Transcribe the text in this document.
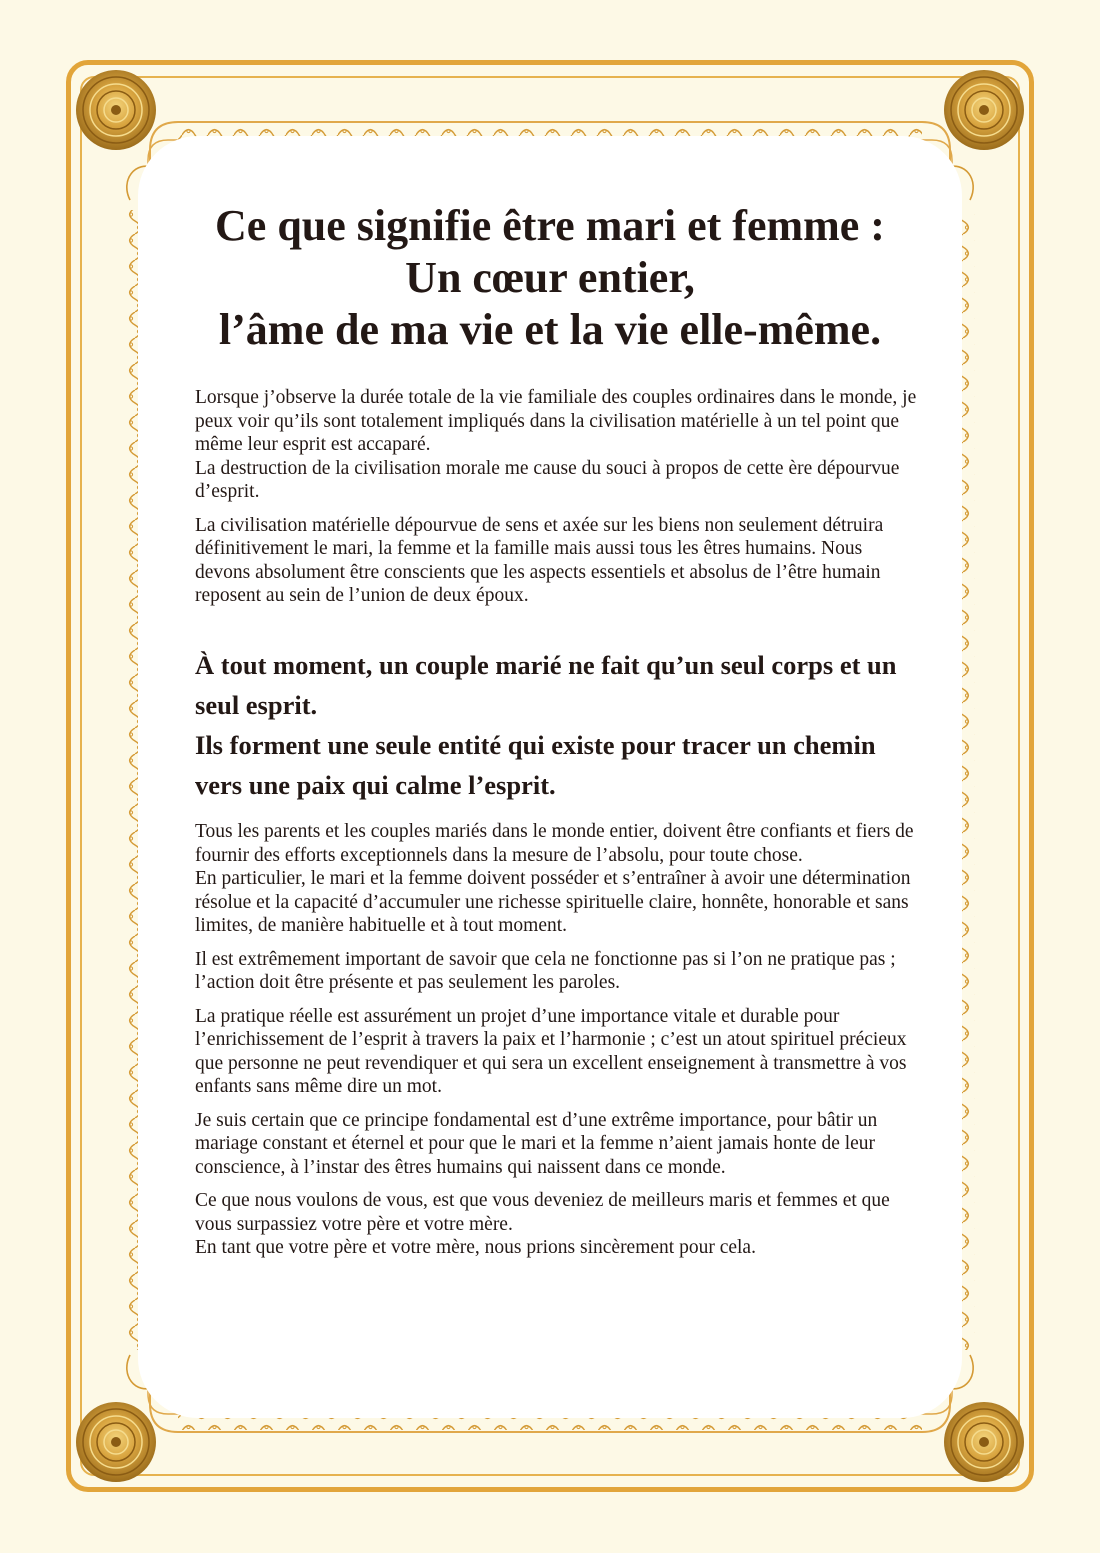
Ce que signifie être mari et femme :
Un cœur entier,
l’âme de ma vie et la vie elle-même.

Lorsque j’observe la durée totale de la vie familiale des couples ordinaires dans le monde, je peux voir qu’ils sont totalement impliqués dans la civilisation matérielle à un tel point que même leur esprit est accaparé.

La destruction de la civilisation morale me cause du souci à propos de cette ère dépourvue d’esprit.

La civilisation matérielle dépourvue de sens et axée sur les biens non seulement détruira définitivement le mari, la femme et la famille mais aussi tous les êtres humains. Nous devons absolument être conscients que les aspects essentiels et absolus de l’être humain reposent au sein de l’union de deux époux.

À tout moment, un couple marié ne fait qu’un seul corps et un seul esprit.

Ils forment une seule entité qui existe pour tracer un chemin vers une paix qui calme l’esprit.

Tous les parents et les couples mariés dans le monde entier, doivent être confiants et fiers de fournir des efforts exceptionnels dans la mesure de l’absolu, pour toute chose.

En particulier, le mari et la femme doivent posséder et s’entraîner à avoir une détermination résolue et la capacité d’accumuler une richesse spirituelle claire, honnête, honorable et sans limites, de manière habituelle et à tout moment.

Il est extrêmement important de savoir que cela ne fonctionne pas si l’on ne pratique pas ; l’action doit être présente et pas seulement les paroles.

La pratique réelle est assurément un projet d’une importance vitale et durable pour l’enrichissement de l’esprit à travers la paix et l’harmonie ; c’est un atout spirituel précieux que personne ne peut revendiquer et qui sera un excellent enseignement à transmettre à vos enfants sans même dire un mot.

Je suis certain que ce principe fondamental est d’une extrême importance, pour bâtir un mariage constant et éternel et pour que le mari et la femme n’aient jamais honte de leur conscience, à l’instar des êtres humains qui naissent dans ce monde.

Ce que nous voulons de vous, est que vous deveniez de meilleurs maris et femmes et que vous surpassiez votre père et votre mère.

En tant que votre père et votre mère, nous prions sincèrement pour cela.
